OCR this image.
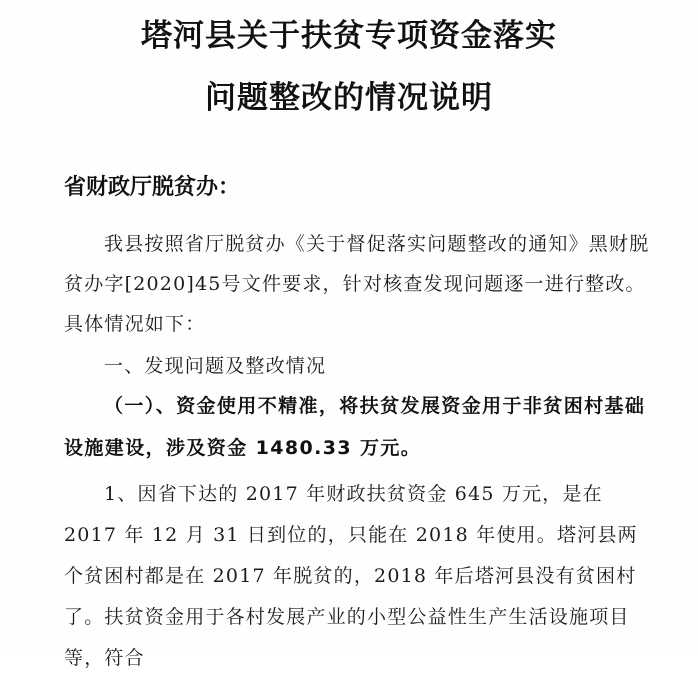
塔河县关于扶贫专项资金落实
问题整改的情况说明
省财政厅脱贫办：

我县按照省厅脱贫办《关于督促落实问题整改的通知》黑财脱贫办字[2020]45号文件要求，针对核查发现问题逐一进行整改。具体情况如下：

一、发现问题及整改情况

（一）、资金使用不精准，将扶贫发展资金用于非贫困村基础设施建设，涉及资金 1480.33 万元。

1、因省下达的 2017 年财政扶贫资金 645 万元，是在 2017 年 12 月 31 日到位的，只能在 2018 年使用。塔河县两个贫困村都是在 2017 年脱贫的，2018 年后塔河县没有贫困村了。扶贫资金用于各村发展产业的小型公益性生产生活设施项目等，符合
